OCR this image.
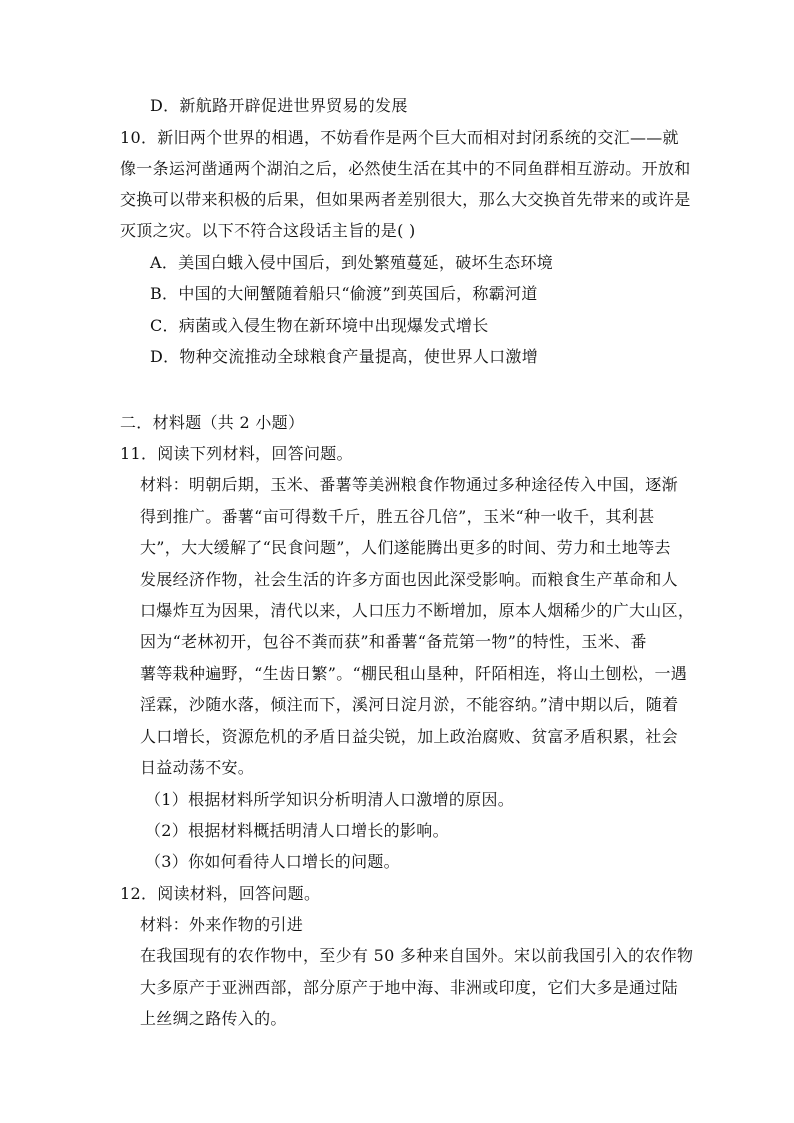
D．新航路开辟促进世界贸易的发展
10．新旧两个世界的相遇，不妨看作是两个巨大而相对封闭系统的交汇——就
像一条运河凿通两个湖泊之后，必然使生活在其中的不同鱼群相互游动。开放和
交换可以带来积极的后果，但如果两者差别很大，那么大交换首先带来的或许是
灭顶之灾。以下不符合这段话主旨的是( )
A．美国白蛾入侵中国后，到处繁殖蔓延，破坏生态环境
B．中国的大闸蟹随着船只“偷渡”到英国后，称霸河道
C．病菌或入侵生物在新环境中出现爆发式增长
D．物种交流推动全球粮食产量提高，使世界人口激增
二．材料题（共 2 小题）
11．阅读下列材料，回答问题。
材料：明朝后期，玉米、番薯等美洲粮食作物通过多种途径传入中国，逐渐
得到推广。番薯“亩可得数千斤，胜五谷几倍”，玉米“种一收千，其利甚
大”，大大缓解了“民食问题”，人们遂能腾出更多的时间、劳力和土地等去
发展经济作物，社会生活的许多方面也因此深受影响。而粮食生产革命和人
口爆炸互为因果，清代以来，人口压力不断增加，原本人烟稀少的广大山区，
因为“老林初开，包谷不粪而获”和番薯“备荒第一物”的特性，玉米、番
薯等栽种遍野，“生齿日繁”。“棚民租山垦种，阡陌相连，将山土刨松，一遇
淫霖，沙随水落，倾注而下，溪河日淀月淤，不能容纳。”清中期以后，随着
人口增长，资源危机的矛盾日益尖锐，加上政治腐败、贫富矛盾积累，社会
日益动荡不安。
（1）根据材料所学知识分析明清人口激增的原因。
（2）根据材料概括明清人口增长的影响。
（3）你如何看待人口增长的问题。
12．阅读材料，回答问题。
材料：外来作物的引进
在我国现有的农作物中，至少有 50 多种来自国外。宋以前我国引入的农作物
大多原产于亚洲西部，部分原产于地中海、非洲或印度，它们大多是通过陆
上丝绸之路传入的。
